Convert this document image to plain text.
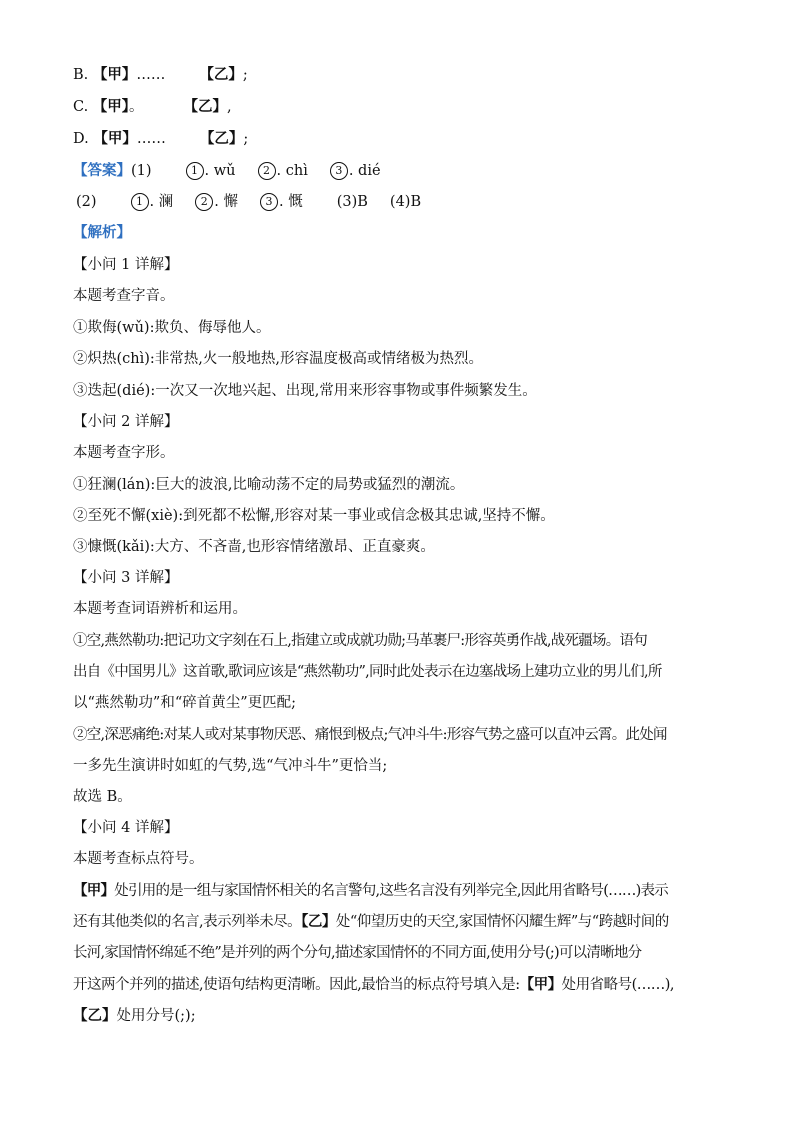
B. 【甲】…… 【乙】;
C. 【甲】。	【乙】,
D. 【甲】…… 【乙】;
【答案】(1)	1 . wǔ	2 . chì	3 . dié
(2)	1 . 澜	2 . 懈	3 . 慨 (3)B (4)B
【解析】
【小问 1 详解】
本题考查字音。
①欺侮(wǔ):欺负、侮辱他人。
②炽热(chì):非常热,火一般地热,形容温度极高或情绪极为热烈。
③迭起(dié):一次又一次地兴起、出现,常用来形容事物或事件频繁发生。
【小问 2 详解】
本题考查字形。
①狂澜(lán):巨大的波浪,比喻动荡不定的局势或猛烈的潮流。
②至死不懈(xiè):到死都不松懈,形容对某一事业或信念极其忠诚,坚持不懈。
③慷慨(kǎi):大方、不吝啬,也形容情绪激昂、正直豪爽。
【小问 3 详解】
本题考查词语辨析和运用。
①空,燕然勒功:把记功文字刻在石上,指建立或成就功勋;马革裹尸:形容英勇作战,战死疆场。语句
出自《中国男儿》这首歌,歌词应该是“燕然勒功”,同时此处表示在边塞战场上建功立业的男儿们,所
以“燕然勒功”和“碎首黄尘”更匹配;
②空,深恶痛绝:对某人或对某事物厌恶、痛恨到极点;气冲斗牛:形容气势之盛可以直冲云霄。此处闻
一多先生演讲时如虹的气势,选“气冲斗牛”更恰当;
故选 B。
【小问 4 详解】
本题考查标点符号。
【甲】处引用的是一组与家国情怀相关的名言警句,这些名言没有列举完全,因此用省略号(……)表示
还有其他类似的名言,表示列举未尽。【乙】处“仰望历史的天空,家国情怀闪耀生辉”与“跨越时间的
长河,家国情怀绵延不绝”是并列的两个分句,描述家国情怀的不同方面,使用分号(;)可以清晰地分
开这两个并列的描述,使语句结构更清晰。因此,最恰当的标点符号填入是:【甲】处用省略号(……),
【乙】处用分号(;);
